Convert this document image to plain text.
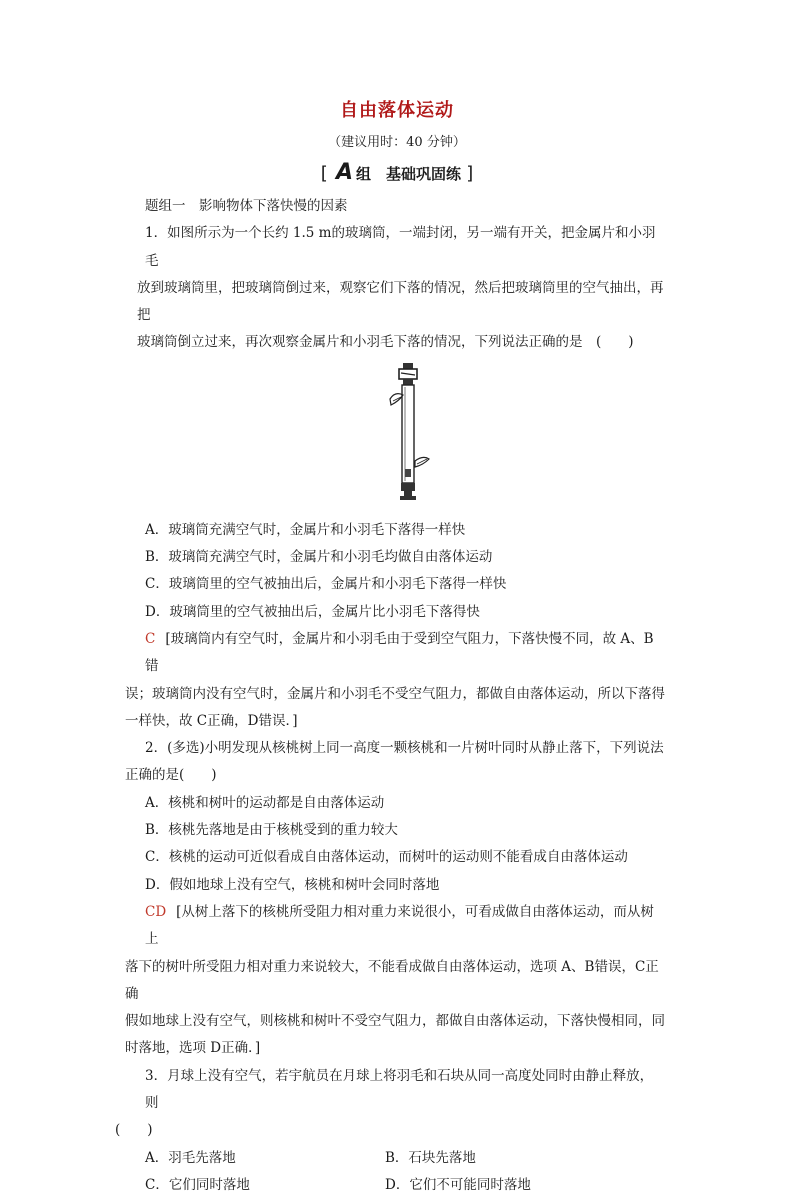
自由落体运动
（建议用时：40 分钟）
[ A 组　基础巩固练 ]

题组一　影响物体下落快慢的因素

1．如图所示为一个长约 1.5 m的玻璃筒，一端封闭，另一端有开关，把金属片和小羽毛

放到玻璃筒里，把玻璃筒倒过来，观察它们下落的情况，然后把玻璃筒里的空气抽出，再把

玻璃筒倒立过来，再次观察金属片和小羽毛下落的情况，下列说法正确的是　(　　)

A．玻璃筒充满空气时，金属片和小羽毛下落得一样快

B．玻璃筒充满空气时，金属片和小羽毛均做自由落体运动

C．玻璃筒里的空气被抽出后，金属片和小羽毛下落得一样快

D．玻璃筒里的空气被抽出后，金属片比小羽毛下落得快

C [玻璃筒内有空气时，金属片和小羽毛由于受到空气阻力，下落快慢不同，故 A、B错

误；玻璃筒内没有空气时，金属片和小羽毛不受空气阻力，都做自由落体运动，所以下落得

一样快，故 C正确，D错误．]

2．(多选)小明发现从核桃树上同一高度一颗核桃和一片树叶同时从静止落下，下列说法

正确的是(　　)

A．核桃和树叶的运动都是自由落体运动

B．核桃先落地是由于核桃受到的重力较大

C．核桃的运动可近似看成自由落体运动，而树叶的运动则不能看成自由落体运动

D．假如地球上没有空气，核桃和树叶会同时落地

CD [从树上落下的核桃所受阻力相对重力来说很小，可看成做自由落体运动，而从树上

落下的树叶所受阻力相对重力来说较大，不能看成做自由落体运动，选项 A、B错误，C正确

假如地球上没有空气，则核桃和树叶不受空气阻力，都做自由落体运动，下落快慢相同，同

时落地，选项 D正确．]

3．月球上没有空气，若宇航员在月球上将羽毛和石块从同一高度处同时由静止释放，则

(　　)

A．羽毛先落地	B．石块先落地
C．它们同时落地	D．它们不可能同时落地
